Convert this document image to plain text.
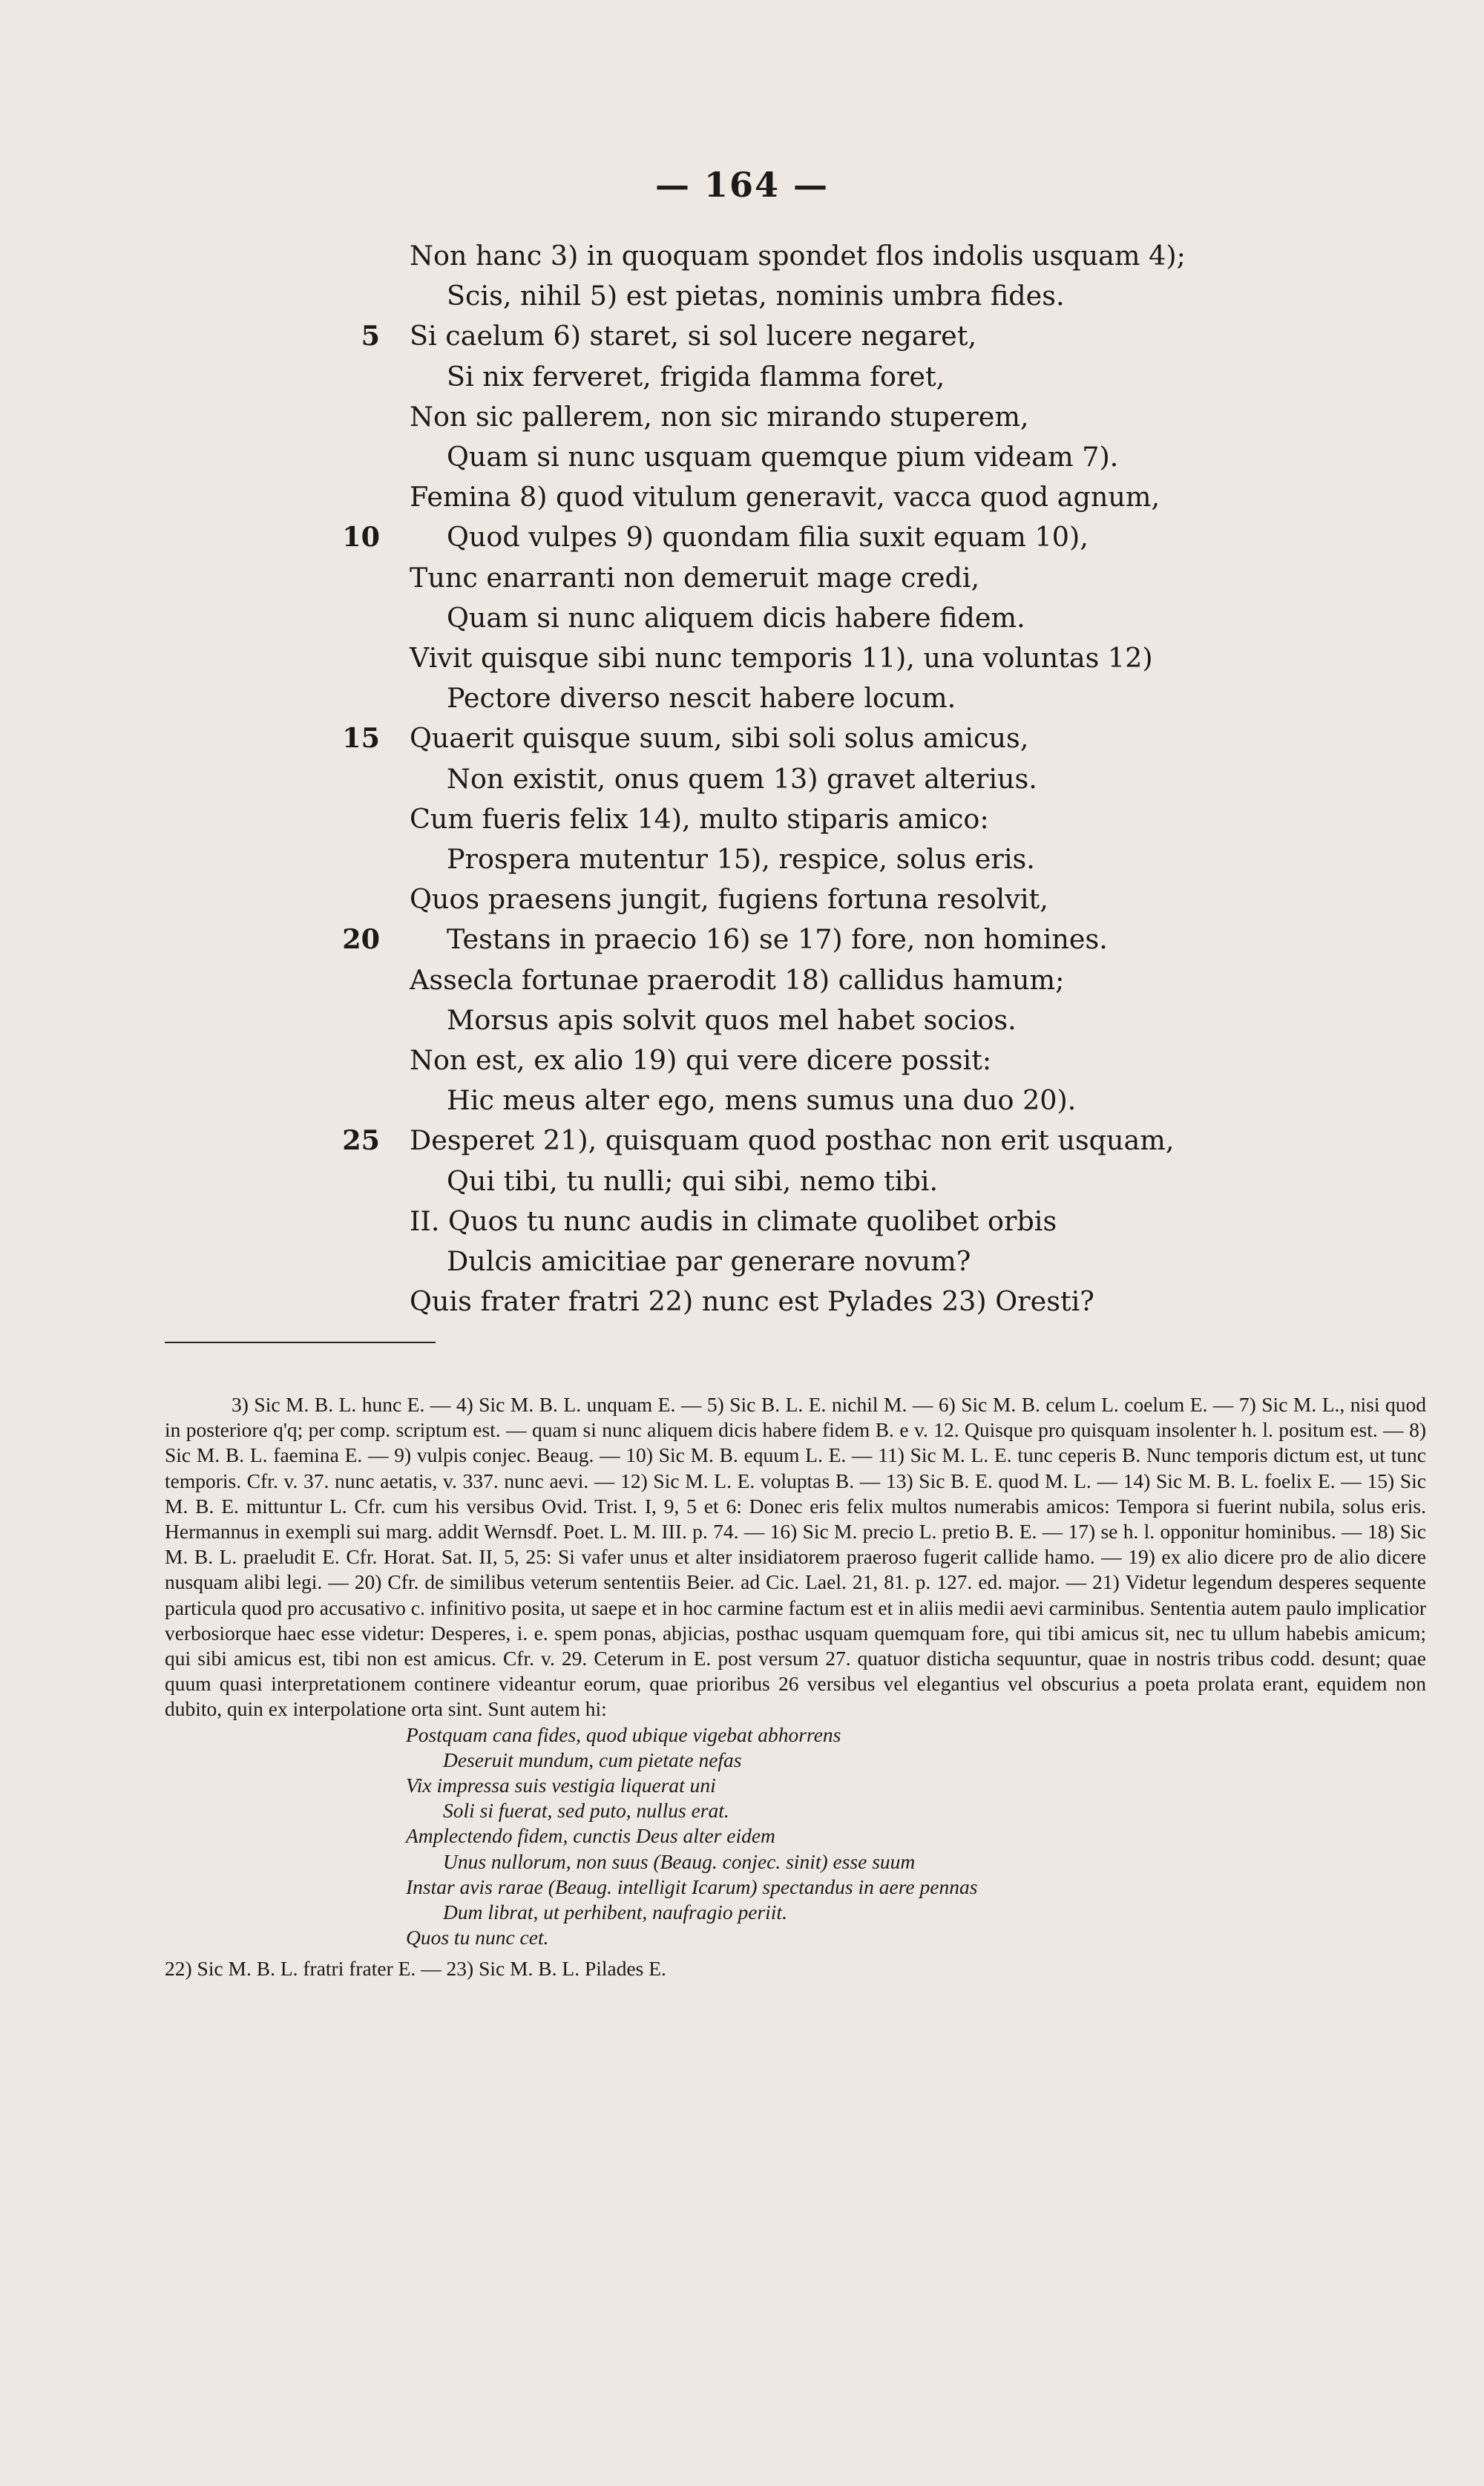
— 164 —
Non hanc 3) in quoquam spondet flos indolis usquam 4);
Scis, nihil 5) est pietas, nominis umbra fides.
5 Si caelum 6) staret, si sol lucere negaret,
Si nix ferveret, frigida flamma foret,
Non sic pallerem, non sic mirando stuperem,
Quam si nunc usquam quemque pium videam 7).
Femina 8) quod vitulum generavit, vacca quod agnum,
10 Quod vulpes 9) quondam filia suxit equam 10),
Tunc enarranti non demeruit mage credi,
Quam si nunc aliquem dicis habere fidem.
Vivit quisque sibi nunc temporis 11), una voluntas 12)
Pectore diverso nescit habere locum.
15 Quaerit quisque suum, sibi soli solus amicus,
Non existit, onus quem 13) gravet alterius.
Cum fueris felix 14), multo stiparis amico:
Prospera mutentur 15), respice, solus eris.
Quos praesens jungit, fugiens fortuna resolvit,
20 Testans in praecio 16) se 17) fore, non homines.
Assecla fortunae praerodit 18) callidus hamum;
Morsus apis solvit quos mel habet socios.
Non est, ex alio 19) qui vere dicere possit:
Hic meus alter ego, mens sumus una duo 20).
25 Desperet 21), quisquam quod posthac non erit usquam,
Qui tibi, tu nulli; qui sibi, nemo tibi.
II. Quos tu nunc audis in climate quolibet orbis
Dulcis amicitiae par generare novum?
Quis frater fratri 22) nunc est Pylades 23) Oresti?

3) Sic M. B. L. hunc E. — 4) Sic M. B. L. unquam E. — 5) Sic B. L. E. nichil M. — 6) Sic M. B. celum L. coelum E. — 7) Sic M. L., nisi quod in posteriore q'q; per comp. scriptum est. — quam si nunc aliquem dicis habere fidem B. e v. 12. Quisque pro quisquam insolenter h. l. positum est. — 8) Sic M. B. L. faemina E. — 9) vulpis conjec. Beaug. — 10) Sic M. B. equum L. E. — 11) Sic M. L. E. tunc ceperis B. Nunc temporis dictum est, ut tunc temporis. Cfr. v. 37. nunc aetatis, v. 337. nunc aevi. — 12) Sic M. L. E. voluptas B. — 13) Sic B. E. quod M. L. — 14) Sic M. B. L. foelix E. — 15) Sic M. B. E. mittuntur L. Cfr. cum his versibus Ovid. Trist. I, 9, 5 et 6: Donec eris felix multos numerabis amicos: Tempora si fuerint nubila, solus eris. Hermannus in exempli sui marg. addit Wernsdf. Poet. L. M. III. p. 74. — 16) Sic M. precio L. pretio B. E. — 17) se h. l. opponitur hominibus. — 18) Sic M. B. L. praeludit E. Cfr. Horat. Sat. II, 5, 25: Si vafer unus et alter insidiatorem praeroso fugerit callide hamo. — 19) ex alio dicere pro de alio dicere nusquam alibi legi. — 20) Cfr. de similibus veterum sententiis Beier. ad Cic. Lael. 21, 81. p. 127. ed. major. — 21) Videtur legendum desperes sequente particula quod pro accusativo c. infinitivo posita, ut saepe et in hoc carmine factum est et in aliis medii aevi carminibus. Sententia autem paulo implicatior verbosiorque haec esse videtur: Desperes, i. e. spem ponas, abjicias, posthac usquam quemquam fore, qui tibi amicus sit, nec tu ullum habebis amicum; qui sibi amicus est, tibi non est amicus. Cfr. v. 29. Ceterum in E. post versum 27. quatuor disticha sequuntur, quae in nostris tribus codd. desunt; quae quum quasi interpretationem continere videantur eorum, quae prioribus 26 versibus vel elegantius vel obscurius a poeta prolata erant, equidem non dubito, quin ex interpolatione orta sint. Sunt autem hi:

Postquam cana fides, quod ubique vigebat abhorrens
Deseruit mundum, cum pietate nefas
Vix impressa suis vestigia liquerat uni
Soli si fuerat, sed puto, nullus erat.
Amplectendo fidem, cunctis Deus alter eidem
Unus nullorum, non suus (Beaug. conjec. sinit) esse suum
Instar avis rarae (Beaug. intelligit Icarum) spectandus in aere pennas
Dum librat, ut perhibent, naufragio periit.
Quos tu nunc cet.

22) Sic M. B. L. fratri frater E. — 23) Sic M. B. L. Pilades E.
